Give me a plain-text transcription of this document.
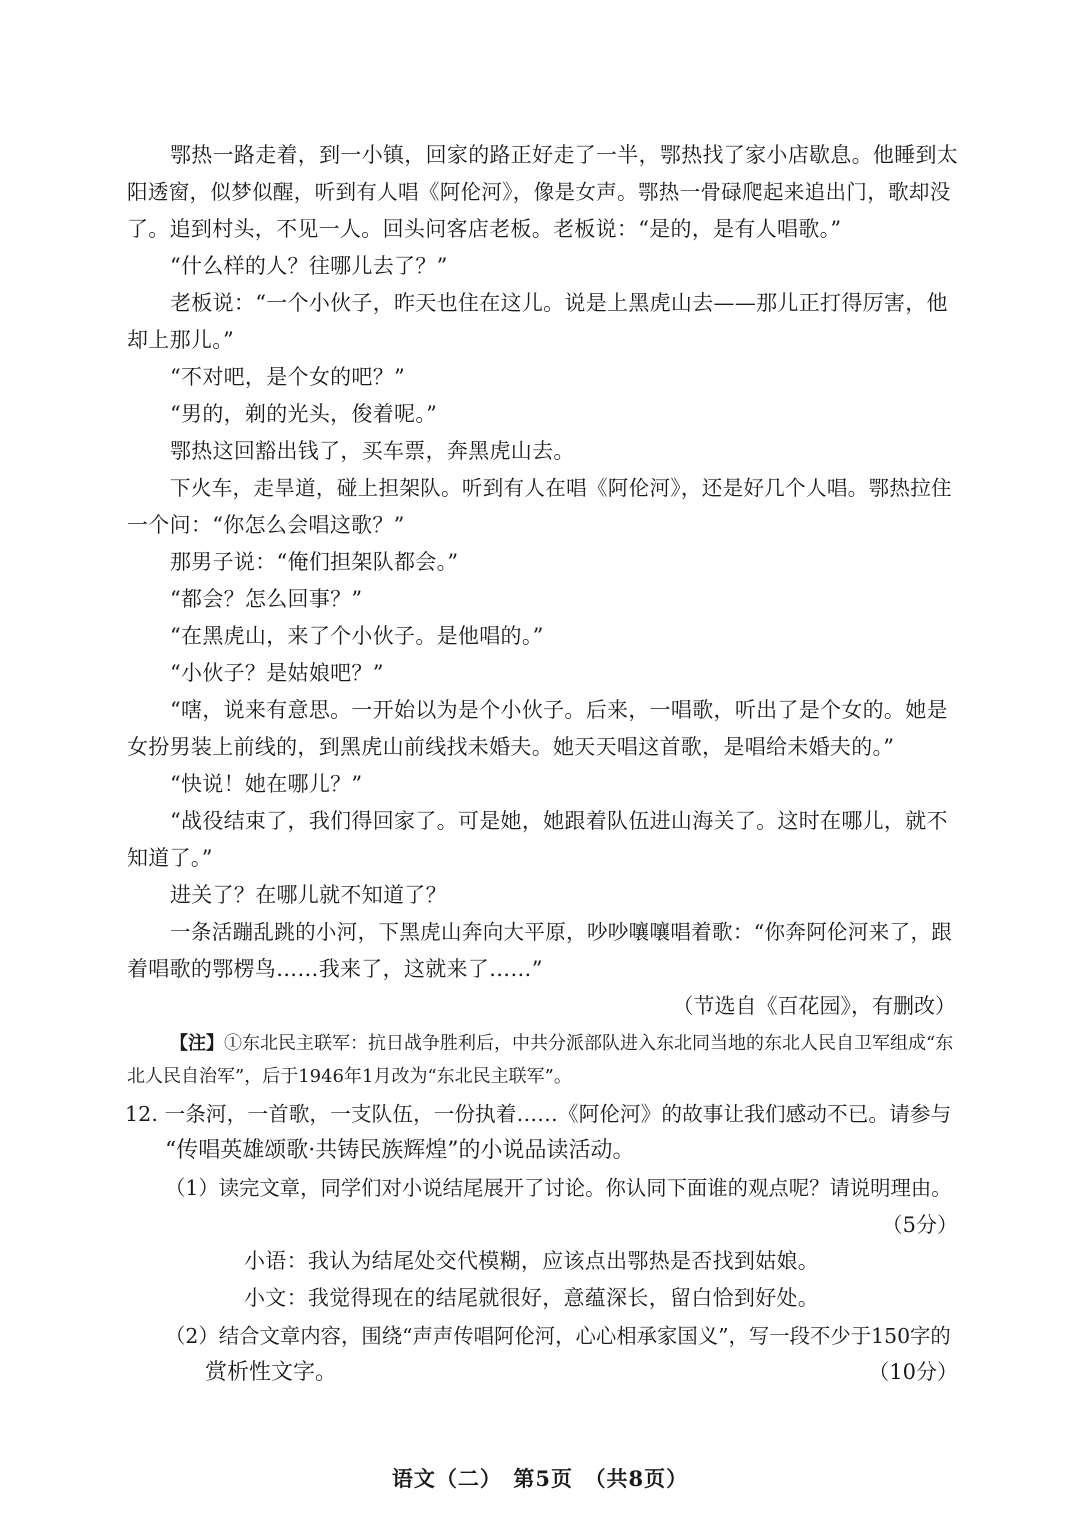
鄂热一路走着，到一小镇，回家的路正好走了一半，鄂热找了家小店歇息。他睡到太
阳透窗，似梦似醒，听到有人唱《阿伦河》，像是女声。鄂热一骨碌爬起来追出门，歌却没
了。追到村头，不见一人。回头问客店老板。老板说：“是的，是有人唱歌。”
“什么样的人？往哪儿去了？”
老板说：“一个小伙子，昨天也住在这儿。说是上黑虎山去——那儿正打得厉害，他
却上那儿。”
“不对吧，是个女的吧？”
“男的，剃的光头，俊着呢。”
鄂热这回豁出钱了，买车票，奔黑虎山去。
下火车，走旱道，碰上担架队。听到有人在唱《阿伦河》，还是好几个人唱。鄂热拉住
一个问：“你怎么会唱这歌？”
那男子说：“俺们担架队都会。”
“都会？怎么回事？”
“在黑虎山，来了个小伙子。是他唱的。”
“小伙子？是姑娘吧？”
“嗐，说来有意思。一开始以为是个小伙子。后来，一唱歌，听出了是个女的。她是
女扮男装上前线的，到黑虎山前线找未婚夫。她天天唱这首歌，是唱给未婚夫的。”
“快说！她在哪儿？”
“战役结束了，我们得回家了。可是她，她跟着队伍进山海关了。这时在哪儿，就不
知道了。”
进关了？在哪儿就不知道了？
一条活蹦乱跳的小河，下黑虎山奔向大平原，吵吵嚷嚷唱着歌：“你奔阿伦河来了，跟
着唱歌的鄂楞鸟……我来了，这就来了……”
（节选自《百花园》，有删改）
【注】①东北民主联军：抗日战争胜利后，中共分派部队进入东北同当地的东北人民自卫军组成“东
北人民自治军”，后于1946年1月改为“东北民主联军”。
12. 一条河，一首歌，一支队伍，一份执着……《阿伦河》的故事让我们感动不已。请参与
“传唱英雄颂歌·共铸民族辉煌”的小说品读活动。
（1）读完文章，同学们对小说结尾展开了讨论。你认同下面谁的观点呢？请说明理由。
（5分）
小语：我认为结尾处交代模糊，应该点出鄂热是否找到姑娘。
小文：我觉得现在的结尾就很好，意蕴深长，留白恰到好处。
（2）结合文章内容，围绕“声声传唱阿伦河，心心相承家国义”，写一段不少于150字的
赏析性文字。	（10分）
语文（二）　第5页　（共8页）
